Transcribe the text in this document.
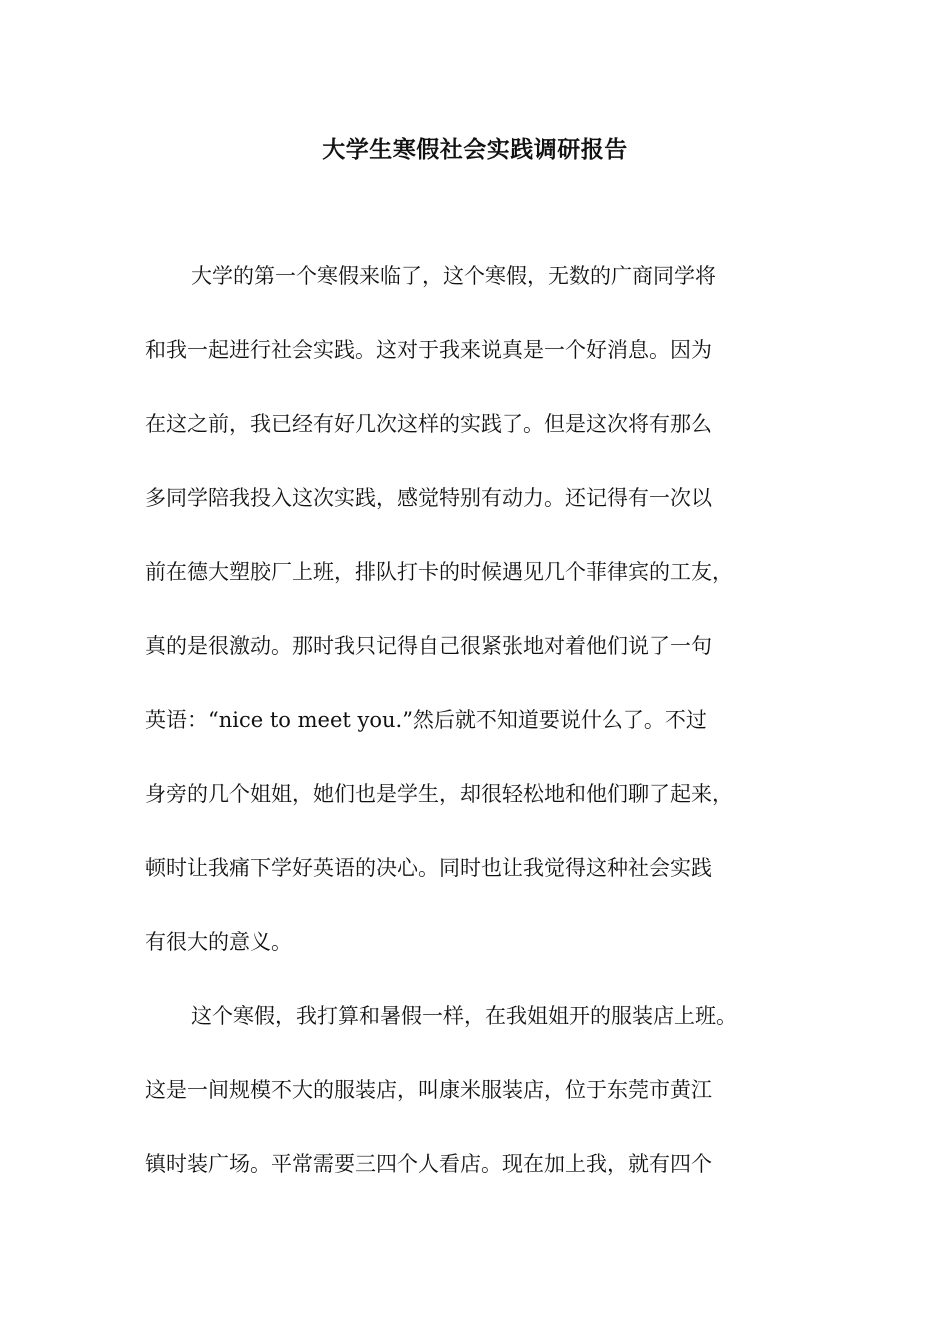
大学生寒假社会实践调研报告
大学的第一个寒假来临了，这个寒假，无数的广商同学将
和我一起进行社会实践。这对于我来说真是一个好消息。因为
在这之前，我已经有好几次这样的实践了。但是这次将有那么
多同学陪我投入这次实践，感觉特别有动力。还记得有一次以
前在德大塑胶厂上班，排队打卡的时候遇见几个菲律宾的工友，
真的是很激动。那时我只记得自己很紧张地对着他们说了一句
英语：“nice to meet you.”然后就不知道要说什么了。不过
身旁的几个姐姐，她们也是学生，却很轻松地和他们聊了起来，
顿时让我痛下学好英语的决心。同时也让我觉得这种社会实践
有很大的意义。
这个寒假，我打算和暑假一样，在我姐姐开的服装店上班。
这是一间规模不大的服装店，叫康米服装店，位于东莞市黄江
镇时装广场。平常需要三四个人看店。现在加上我，就有四个
